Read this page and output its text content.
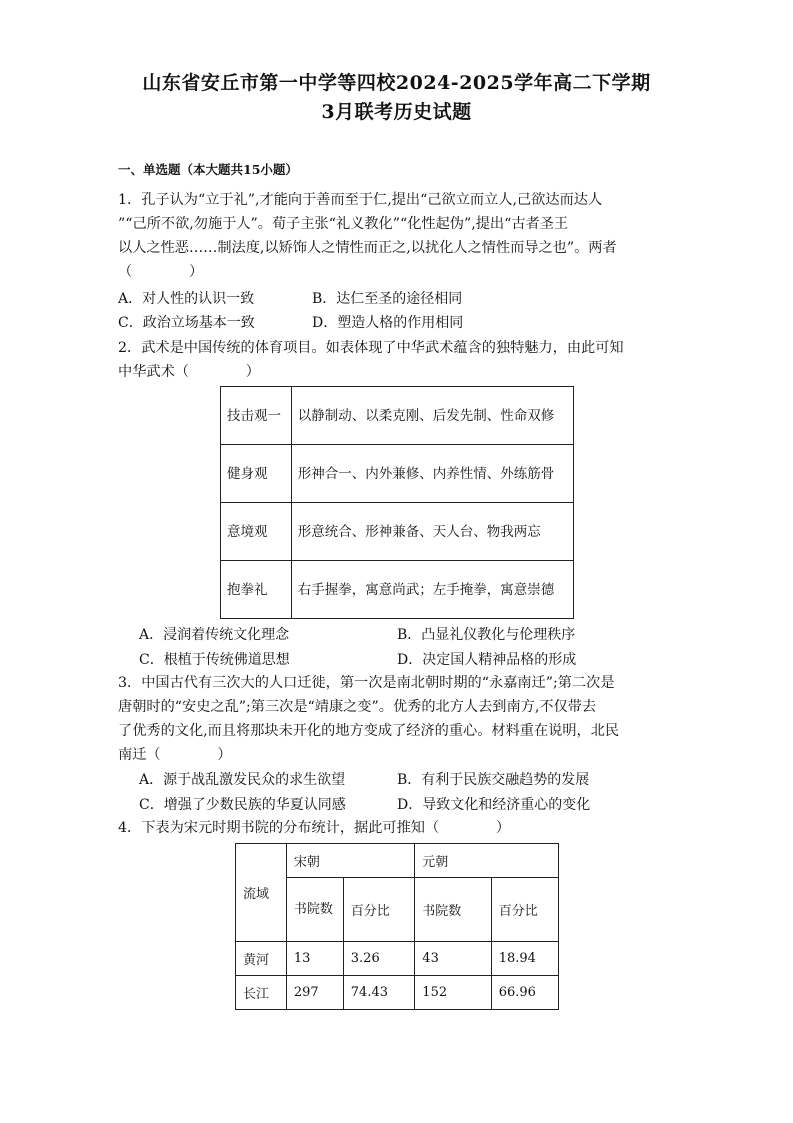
山东省安丘市第一中学等四校2024-2025学年高二下学期
3月联考历史试题
一、单选题（本大题共15小题）
1．孔子认为“立于礼”,才能向于善而至于仁,提出“己欲立而立人,己欲达而达人
”“己所不欲,勿施于人”。荀子主张“礼义教化”“化性起伪”,提出“古者圣王
以人之性恶……制法度,以矫饰人之情性而正之,以扰化人之情性而导之也”。两者
（　　　　）
A．对人性的认识一致	B．达仁至圣的途径相同
C．政治立场基本一致	D．塑造人格的作用相同
2．武术是中国传统的体育项目。如表体现了中华武术蕴含的独特魅力，由此可知
中华武术（　　　　）
技击观一	以静制动、以柔克刚、后发先制、性命双修
健身观	形神合一、内外兼修、内养性情、外练筋骨
意境观	形意统合、形神兼备、天人台、物我两忘
抱拳礼	右手握拳，寓意尚武；左手掩拳，寓意崇德
A．浸润着传统文化理念	B．凸显礼仪教化与伦理秩序
C．根植于传统佛道思想	D．决定国人精神品格的形成
3．中国古代有三次大的人口迁徙，第一次是南北朝时期的“永嘉南迁”;第二次是
唐朝时的“安史之乱”;第三次是“靖康之变”。优秀的北方人去到南方,不仅带去
了优秀的文化,而且将那块未开化的地方变成了经济的重心。材料重在说明，北民
南迁（　　　　）
A．源于战乱激发民众的求生欲望	B．有利于民族交融趋势的发展
C．增强了少数民族的华夏认同感	D．导致文化和经济重心的变化
4．下表为宋元时期书院的分布统计，据此可推知（　　　　）
流域	宋朝		元朝	
	书院数	百分比	书院数	百分比
黄河	13	3.26	43	18.94
长江	297	74.43	152	66.96
